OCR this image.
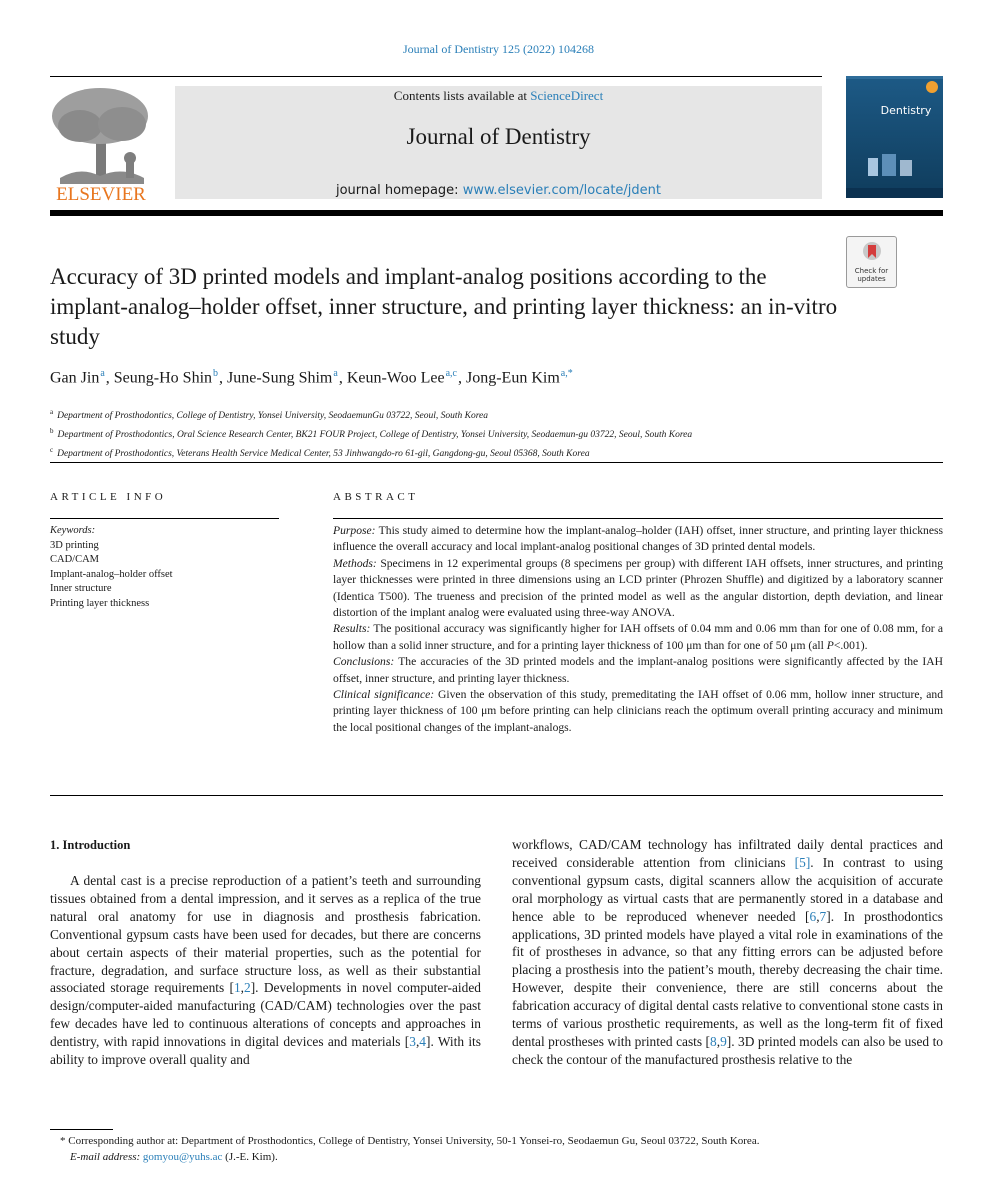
Journal of Dentistry 125 (2022) 104268
ELSEVIER
Contents lists available at ScienceDirect
Journal of Dentistry
journal homepage: www.elsevier.com/locate/jdent
Dentistry
Check for
updates
Accuracy of 3D printed models and implant-analog positions according to the implant-analog–holder offset, inner structure, and printing layer thickness: an in-vitro study
Gan Jin$^a$, Seung-Ho Shin$^b$, June-Sung Shim$^a$, Keun-Woo Lee$^{a,c}$, Jong-Eun Kim$^{a,*}$
$^a$ Department of Prosthodontics, College of Dentistry, Yonsei University, SeodaemunGu 03722, Seoul, South Korea
$^b$ Department of Prosthodontics, Oral Science Research Center, BK21 FOUR Project, College of Dentistry, Yonsei University, Seodaemun-gu 03722, Seoul, South Korea
$^c$ Department of Prosthodontics, Veterans Health Service Medical Center, 53 Jinhwangdo-ro 61-gil, Gangdong-gu, Seoul 05368, South Korea
ARTICLE INFO
Keywords:
3D printing
CAD/CAM
Implant-analog–holder offset
Inner structure
Printing layer thickness
ABSTRACT

Purpose: This study aimed to determine how the implant-analog–holder (IAH) offset, inner structure, and printing layer thickness influence the overall accuracy and local implant-analog positional changes of 3D printed dental models.

Methods: Specimens in 12 experimental groups (8 specimens per group) with different IAH offsets, inner structures, and printing layer thicknesses were printed in three dimensions using an LCD printer (Phrozen Shuffle) and digitized by a laboratory scanner (Identica T500). The trueness and precision of the printed model as well as the angular distortion, depth deviation, and linear distortion of the implant analog were evaluated using three-way ANOVA.

Results: The positional accuracy was significantly higher for IAH offsets of 0.04 mm and 0.06 mm than for one of 0.08 mm, for a hollow than a solid inner structure, and for a printing layer thickness of 100 μm than for one of 50 μm (all P<.001).

Conclusions: The accuracies of the 3D printed models and the implant-analog positions were significantly affected by the IAH offset, inner structure, and printing layer thickness.

Clinical significance: Given the observation of this study, premeditating the IAH offset of 0.06 mm, hollow inner structure, and printing layer thickness of 100 μm before printing can help clinicians reach the optimum overall printing accuracy and minimum the local positional changes of the implant-analogs.

1. Introduction

A dental cast is a precise reproduction of a patient’s teeth and surrounding tissues obtained from a dental impression, and it serves as a replica of the true natural oral anatomy for use in diagnosis and prosthesis fabrication. Conventional gypsum casts have been used for decades, but there are concerns about certain aspects of their material properties, such as the potential for fracture, degradation, and surface structure loss, as well as their substantial associated storage requirements [1,2]. Developments in novel computer-aided design/computer-aided manufacturing (CAD/CAM) technologies over the past few decades have led to continuous alterations of concepts and approaches in dentistry, with rapid innovations in digital devices and materials [3,4]. With its ability to improve overall quality and

workflows, CAD/CAM technology has infiltrated daily dental practices and received considerable attention from clinicians [5]. In contrast to using conventional gypsum casts, digital scanners allow the acquisition of accurate oral morphology as virtual casts that are permanently stored in a database and hence able to be reproduced whenever needed [6,7]. In prosthodontics applications, 3D printed models have played a vital role in examinations of the fit of prostheses in advance, so that any fitting errors can be adjusted before placing a prosthesis into the patient’s mouth, thereby decreasing the chair time. However, despite their convenience, there are still concerns about the fabrication accuracy of digital dental casts relative to conventional stone casts in terms of various prosthetic requirements, as well as the long-term fit of fixed dental prostheses with printed casts [8,9]. 3D printed models can also be used to check the contour of the manufactured prosthesis relative to the

* Corresponding author at: Department of Prosthodontics, College of Dentistry, Yonsei University, 50-1 Yonsei-ro, Seodaemun Gu, Seoul 03722, South Korea.
E-mail address: gomyou@yuhs.ac (J.-E. Kim).
